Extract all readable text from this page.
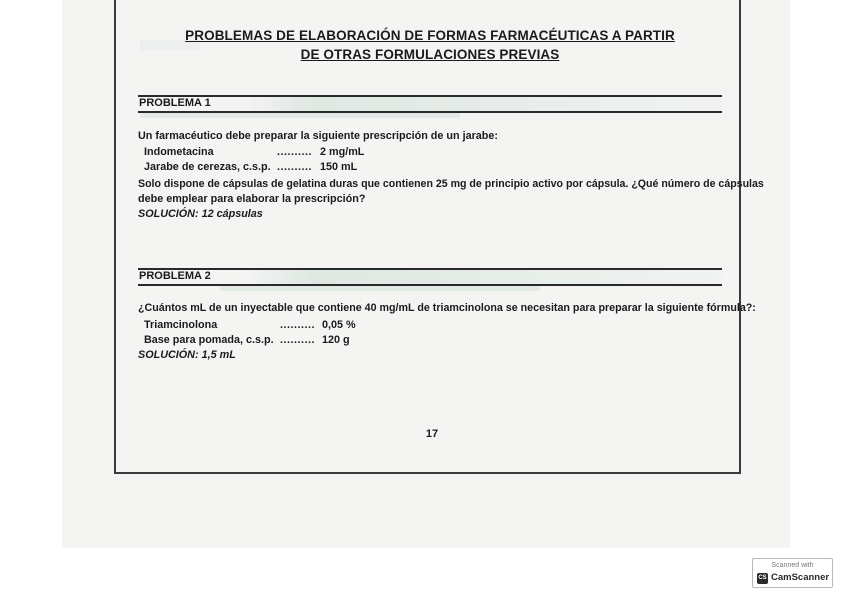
PROBLEMAS DE ELABORACIÓN DE FORMAS FARMACÉUTICAS A PARTIR
DE OTRAS FORMULACIONES PREVIAS
PROBLEMA 1
Un farmacéutico debe preparar la siguiente prescripción de un jarabe:
Indometacina	.......... 2 mg/mL
Jarabe de cerezas, c.s.p. .......... 150 mL
Solo dispone de cápsulas de gelatina duras que contienen 25 mg de principio activo por cápsula. ¿Qué número de cápsulas
debe emplear para elaborar la prescripción?
SOLUCIÓN: 12 cápsulas
PROBLEMA 2
¿Cuántos mL de un inyectable que contiene 40 mg/mL de triamcinolona se necesitan para preparar la siguiente fórmula?:
Triamcinolona	.......... 0,05 %
Base para pomada, c.s.p. .......... 120 g
SOLUCIÓN: 1,5 mL
17
Scanned with
CS CamScanner
